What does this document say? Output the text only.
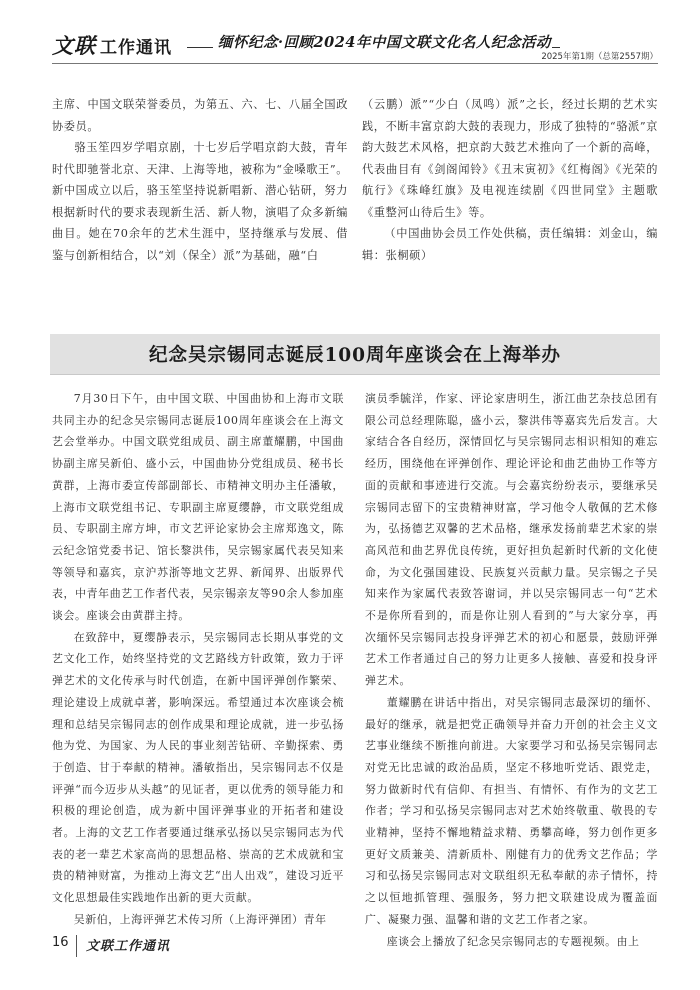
文联 工作通讯	缅怀纪念·回顾2024年中国文联文化名人纪念活动
2025年第1期（总第2557期）

主席、中国文联荣誉委员，为第五、六、七、八届全国政协委员。

骆玉笙四岁学唱京剧，十七岁后学唱京韵大鼓，青年时代即驰誉北京、天津、上海等地，被称为“金嗓歌王”。新中国成立以后，骆玉笙坚持说新唱新、潜心钻研，努力根据新时代的要求表现新生活、新人物，演唱了众多新编曲目。她在70余年的艺术生涯中，坚持继承与发展、借鉴与创新相结合，以“刘（保全）派”为基础，融“白

（云鹏）派”“少白（凤鸣）派”之长，经过长期的艺术实践，不断丰富京韵大鼓的表现力，形成了独特的“骆派”京韵大鼓艺术风格，把京韵大鼓艺术推向了一个新的高峰，代表曲目有《剑阁闻铃》《丑末寅初》《红梅阁》《光荣的航行》《珠峰红旗》及电视连续剧《四世同堂》主题歌《重整河山待后生》等。

（中国曲协会员工作处供稿，责任编辑：刘金山，编辑：张桐硕）

纪念吴宗锡同志诞辰100周年座谈会在上海举办

7月30日下午，由中国文联、中国曲协和上海市文联共同主办的纪念吴宗锡同志诞辰100周年座谈会在上海文艺会堂举办。中国文联党组成员、副主席董耀鹏，中国曲协副主席吴新伯、盛小云，中国曲协分党组成员、秘书长黄群，上海市委宣传部副部长、市精神文明办主任潘敏，上海市文联党组书记、专职副主席夏缨静，市文联党组成员、专职副主席方坤，市文艺评论家协会主席郑逸文，陈云纪念馆党委书记、馆长黎洪伟，吴宗锡家属代表吴知来等领导和嘉宾，京沪苏浙等地文艺界、新闻界、出版界代表，中青年曲艺工作者代表，吴宗锡亲友等90余人参加座谈会。座谈会由黄群主持。

在致辞中，夏缨静表示，吴宗锡同志长期从事党的文艺文化工作，始终坚持党的文艺路线方针政策，致力于评弹艺术的文化传承与时代创造，在新中国评弹创作繁荣、理论建设上成就卓著，影响深远。希望通过本次座谈会梳理和总结吴宗锡同志的创作成果和理论成就，进一步弘扬他为党、为国家、为人民的事业刻苦钻研、辛勤探索、勇于创造、甘于奉献的精神。潘敏指出，吴宗锡同志不仅是评弹“而今迈步从头越”的见证者，更以优秀的领导能力和积极的理论创造，成为新中国评弹事业的开拓者和建设者。上海的文艺工作者要通过继承弘扬以吴宗锡同志为代表的老一辈艺术家高尚的思想品格、崇高的艺术成就和宝贵的精神财富，为推动上海文艺“出人出戏”，建设习近平文化思想最佳实践地作出新的更大贡献。

吴新伯，上海评弹艺术传习所（上海评弹团）青年

演员季毓洋，作家、评论家唐明生，浙江曲艺杂技总团有限公司总经理陈聪，盛小云，黎洪伟等嘉宾先后发言。大家结合各自经历，深情回忆与吴宗锡同志相识相知的难忘经历，围绕他在评弹创作、理论评论和曲艺曲协工作等方面的贡献和事迹进行交流。与会嘉宾纷纷表示，要继承吴宗锡同志留下的宝贵精神财富，学习他令人敬佩的艺术修为，弘扬德艺双馨的艺术品格，继承发扬前辈艺术家的崇高风范和曲艺界优良传统，更好担负起新时代新的文化使命，为文化强国建设、民族复兴贡献力量。吴宗锡之子吴知来作为家属代表致答谢词，并以吴宗锡同志一句“艺术不是你所看到的，而是你让别人看到的”与大家分享，再次缅怀吴宗锡同志投身评弹艺术的初心和愿景，鼓励评弹艺术工作者通过自己的努力让更多人接触、喜爱和投身评弹艺术。

董耀鹏在讲话中指出，对吴宗锡同志最深切的缅怀、最好的继承，就是把党正确领导并奋力开创的社会主义文艺事业继续不断推向前进。大家要学习和弘扬吴宗锡同志对党无比忠诚的政治品质，坚定不移地听党话、跟党走，努力做新时代有信仰、有担当、有情怀、有作为的文艺工作者；学习和弘扬吴宗锡同志对艺术始终敬重、敬畏的专业精神，坚持不懈地精益求精、勇攀高峰，努力创作更多更好文质兼美、清新质朴、刚健有力的优秀文艺作品；学习和弘扬吴宗锡同志对文联组织无私奉献的赤子情怀，持之以恒地抓管理、强服务，努力把文联建设成为覆盖面广、凝聚力强、温馨和谐的文艺工作者之家。

座谈会上播放了纪念吴宗锡同志的专题视频。由上

16 文联工作通讯
